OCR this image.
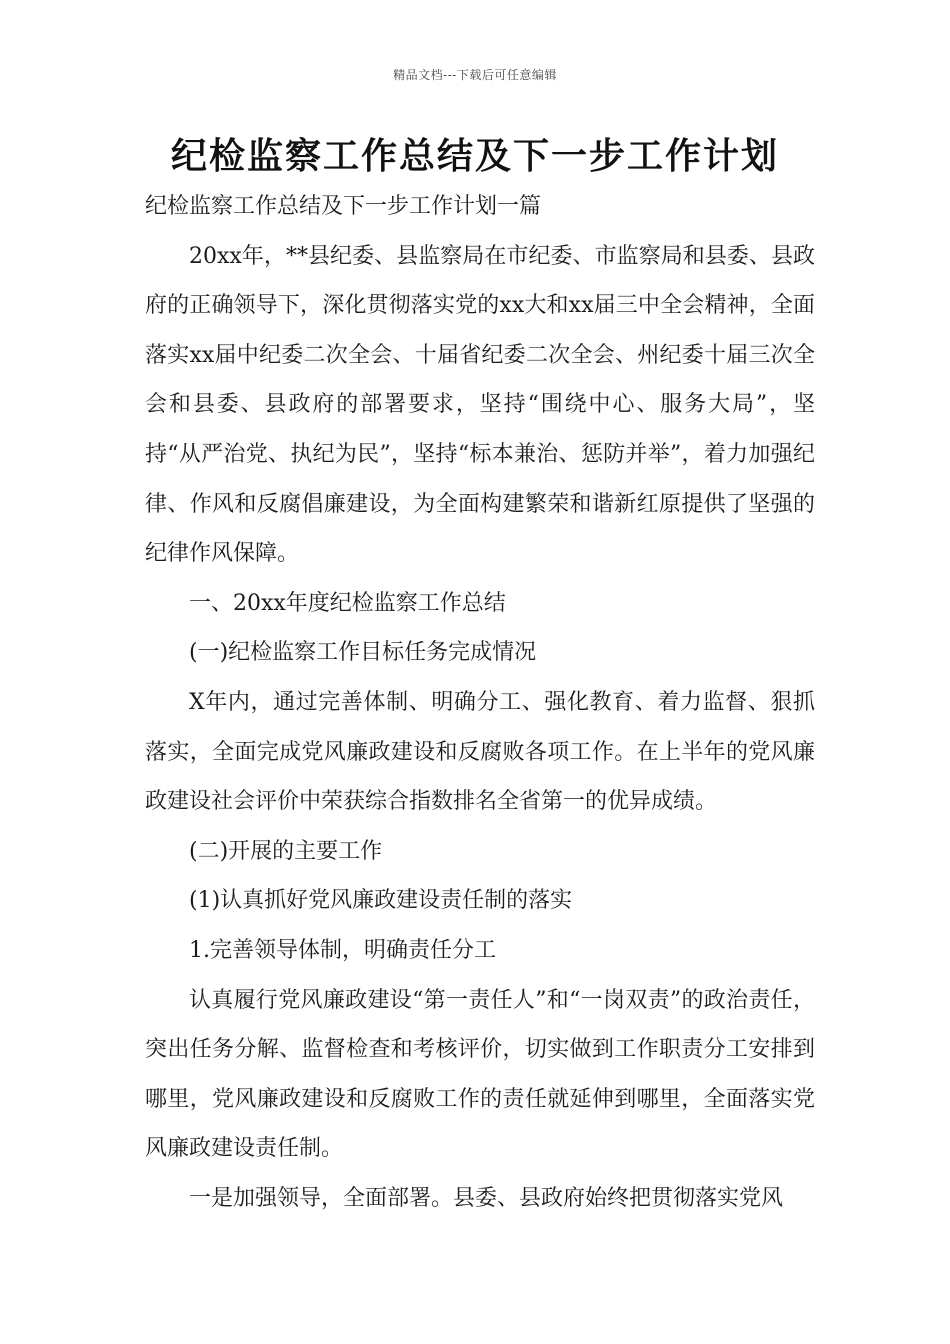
精品文档---下载后可任意编辑
纪检监察工作总结及下一步工作计划

纪检监察工作总结及下一步工作计划一篇

20xx年，**县纪委、县监察局在市纪委、市监察局和县委、县政府的正确领导下，深化贯彻落实党的xx大和xx届三中全会精神，全面落实xx届中纪委二次全会、十届省纪委二次全会、州纪委十届三次全会和县委、县政府的部署要求，坚持“围绕中心、服务大局”，坚持“从严治党、执纪为民”，坚持“标本兼治、惩防并举”，着力加强纪律、作风和反腐倡廉建设，为全面构建繁荣和谐新红原提供了坚强的纪律作风保障。

一、20xx年度纪检监察工作总结

(一)纪检监察工作目标任务完成情况

X年内，通过完善体制、明确分工、强化教育、着力监督、狠抓落实，全面完成党风廉政建设和反腐败各项工作。在上半年的党风廉政建设社会评价中荣获综合指数排名全省第一的优异成绩。

(二)开展的主要工作

(1)认真抓好党风廉政建设责任制的落实

1.完善领导体制，明确责任分工

认真履行党风廉政建设“第一责任人”和“一岗双责”的政治责任，突出任务分解、监督检查和考核评价，切实做到工作职责分工安排到哪里，党风廉政建设和反腐败工作的责任就延伸到哪里，全面落实党风廉政建设责任制。

一是加强领导，全面部署。县委、县政府始终把贯彻落实党风
